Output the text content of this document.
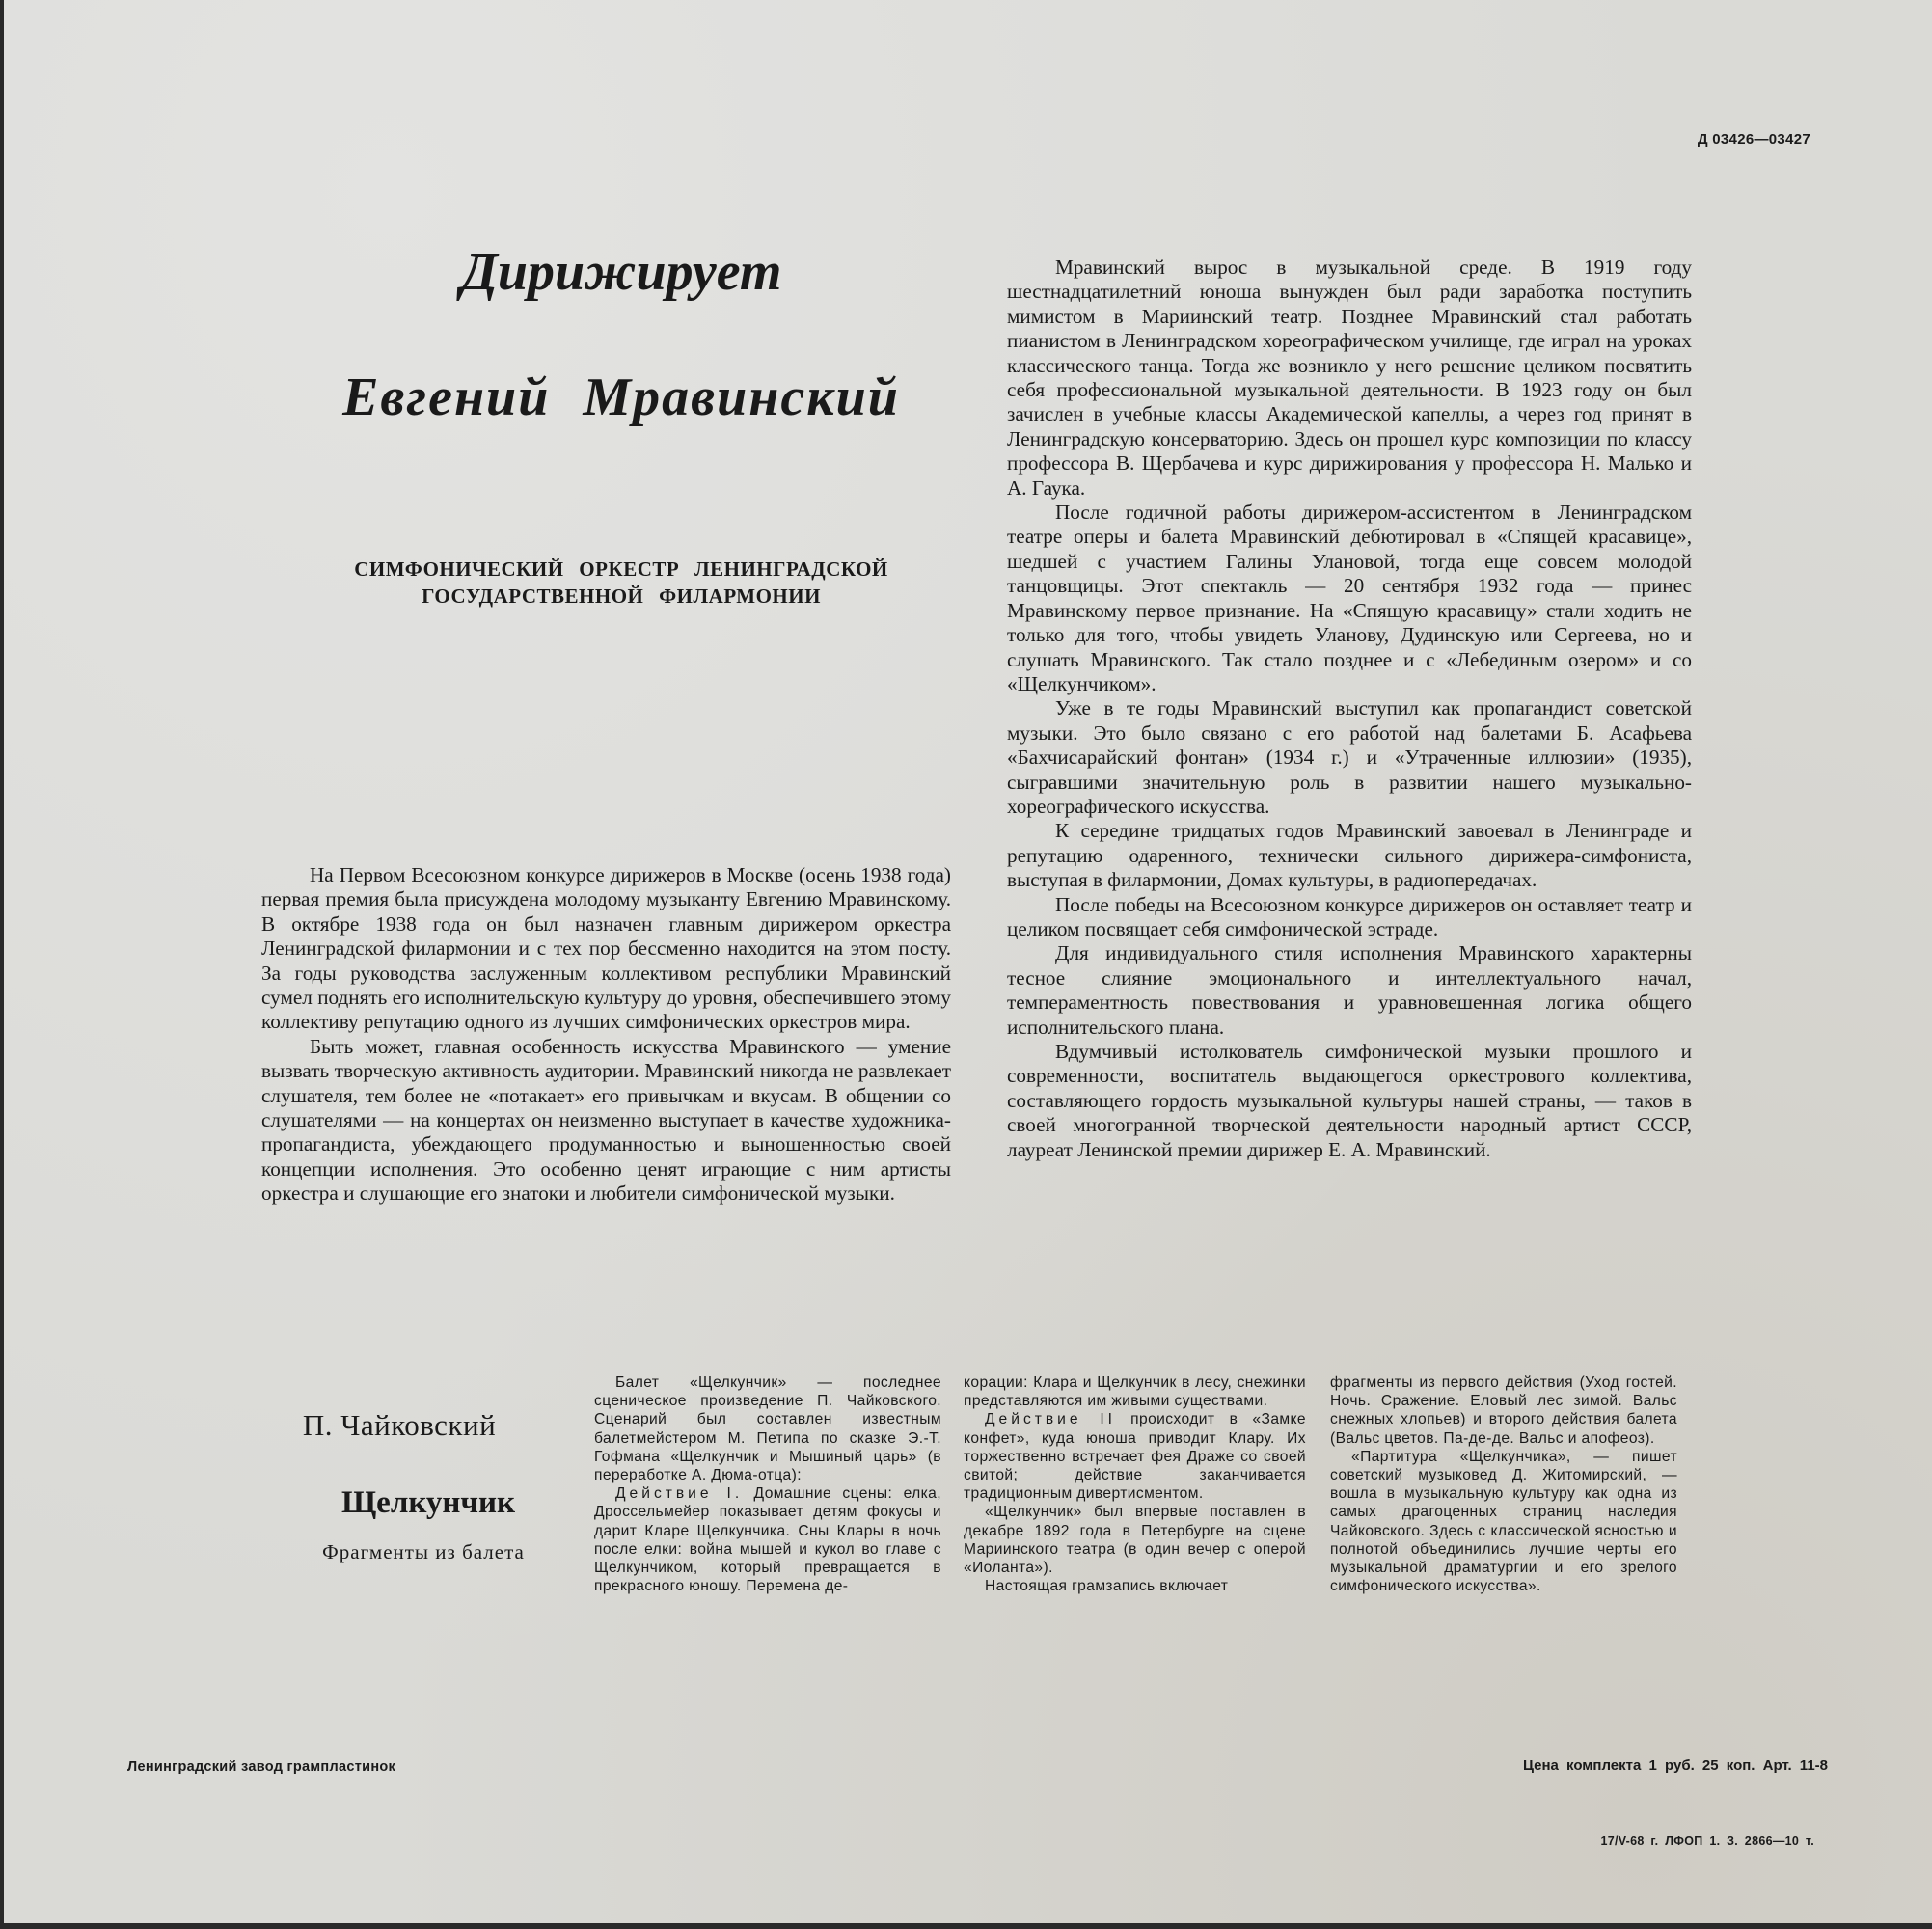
Д 03426—03427
Дирижирует
Евгений Мравинский
СИМФОНИЧЕСКИЙ ОРКЕСТР ЛЕНИНГРАДСКОЙ
ГОСУДАРСТВЕННОЙ ФИЛАРМОНИИ

На Первом Всесоюзном конкурсе дирижеров в Москве (осень 1938 года) первая премия была присуждена молодому музыканту Евгению Мравинскому. В октябре 1938 года он был назначен главным дирижером оркестра Ленинградской филармонии и с тех пор бессменно находится на этом посту. За годы руководства заслуженным коллективом республики Мравинский сумел поднять его исполнительскую культуру до уровня, обеспечившего этому коллективу репутацию одного из лучших симфонических оркестров мира.

Быть может, главная особенность искусства Мравинского — умение вызвать творческую активность аудитории. Мравинский никогда не развлекает слушателя, тем более не «потакает» его привычкам и вкусам. В общении со слушателями — на концертах он неизменно выступает в качестве художника-пропагандиста, убеждающего продуманностью и выношенностью своей концепции исполнения. Это особенно ценят играющие с ним артисты оркестра и слушающие его знатоки и любители симфонической музыки.

Мравинский вырос в музыкальной среде. В 1919 году шестнадцатилетний юноша вынужден был ради заработка поступить мимистом в Мариинский театр. Позднее Мравинский стал работать пианистом в Ленинградском хореографическом училище, где играл на уроках классического танца. Тогда же возникло у него решение целиком посвятить себя профессиональной музыкальной деятельности. В 1923 году он был зачислен в учебные классы Академической капеллы, а через год принят в Ленинградскую консерваторию. Здесь он прошел курс композиции по классу профессора В. Щербачева и курс дирижирования у профессора Н. Малько и А. Гаука.

После годичной работы дирижером-ассистентом в Ленинградском театре оперы и балета Мравинский дебютировал в «Спящей красавице», шедшей с участием Галины Улановой, тогда еще совсем молодой танцовщицы. Этот спектакль — 20 сентября 1932 года — принес Мравинскому первое признание. На «Спящую красавицу» стали ходить не только для того, чтобы увидеть Уланову, Дудинскую или Сергеева, но и слушать Мравинского. Так стало позднее и с «Лебединым озером» и со «Щелкунчиком».

Уже в те годы Мравинский выступил как пропагандист советской музыки. Это было связано с его работой над балетами Б. Асафьева «Бахчисарайский фонтан» (1934 г.) и «Утраченные иллюзии» (1935), сыгравшими значительную роль в развитии нашего музыкально-хореографического искусства.

К середине тридцатых годов Мравинский завоевал в Ленинграде и репутацию одаренного, технически сильного дирижера-симфониста, выступая в филармонии, Домах культуры, в радиопередачах.

После победы на Всесоюзном конкурсе дирижеров он оставляет театр и целиком посвящает себя симфонической эстраде.

Для индивидуального стиля исполнения Мравинского характерны тесное слияние эмоционального и интеллектуального начал, темпераментность повествования и уравновешенная логика общего исполнительского плана.

Вдумчивый истолкователь симфонической музыки прошлого и современности, воспитатель выдающегося оркестрового коллектива, составляющего гордость музыкальной культуры нашей страны, — таков в своей многогранной творческой деятельности народный артист СССР, лауреат Ленинской премии дирижер Е. А. Мравинский.

П. Чайковский
Щелкунчик
Фрагменты из балета

Балет «Щелкунчик» — последнее сценическое произведение П. Чайковского. Сценарий был составлен известным балетмейстером М. Петипа по сказке Э.-Т. Гофмана «Щелкунчик и Мышиный царь» (в переработке А. Дюма-отца):

Действие I. Домашние сцены: елка, Дроссельмейер показывает детям фокусы и дарит Кларе Щелкунчика. Сны Клары в ночь после елки: война мышей и кукол во главе с Щелкунчиком, который превращается в прекрасного юношу. Перемена де-

корации: Клара и Щелкунчик в лесу, снежинки представляются им живыми существами.

Действие II происходит в «Замке конфет», куда юноша приводит Клару. Их торжественно встречает фея Драже со своей свитой; действие заканчивается традиционным дивертисментом.

«Щелкунчик» был впервые поставлен в декабре 1892 года в Петербурге на сцене Мариинского театра (в один вечер с оперой «Иоланта»).

Настоящая грамзапись включает

фрагменты из первого действия (Уход гостей. Ночь. Сражение. Еловый лес зимой. Вальс снежных хлопьев) и второго действия балета (Вальс цветов. Па-де-де. Вальс и апофеоз).

«Партитура «Щелкунчика», — пишет советский музыковед Д. Житомирский, — вошла в музыкальную культуру как одна из самых драгоценных страниц наследия Чайковского. Здесь с классической ясностью и полнотой объединились лучшие черты его музыкальной драматургии и его зрелого симфонического искусства».

Ленинградский завод грампластинок	Цена комплекта 1 руб. 25 коп. Арт. 11-8
17/V-68 г. ЛФОП 1. З. 2866—10 т.
